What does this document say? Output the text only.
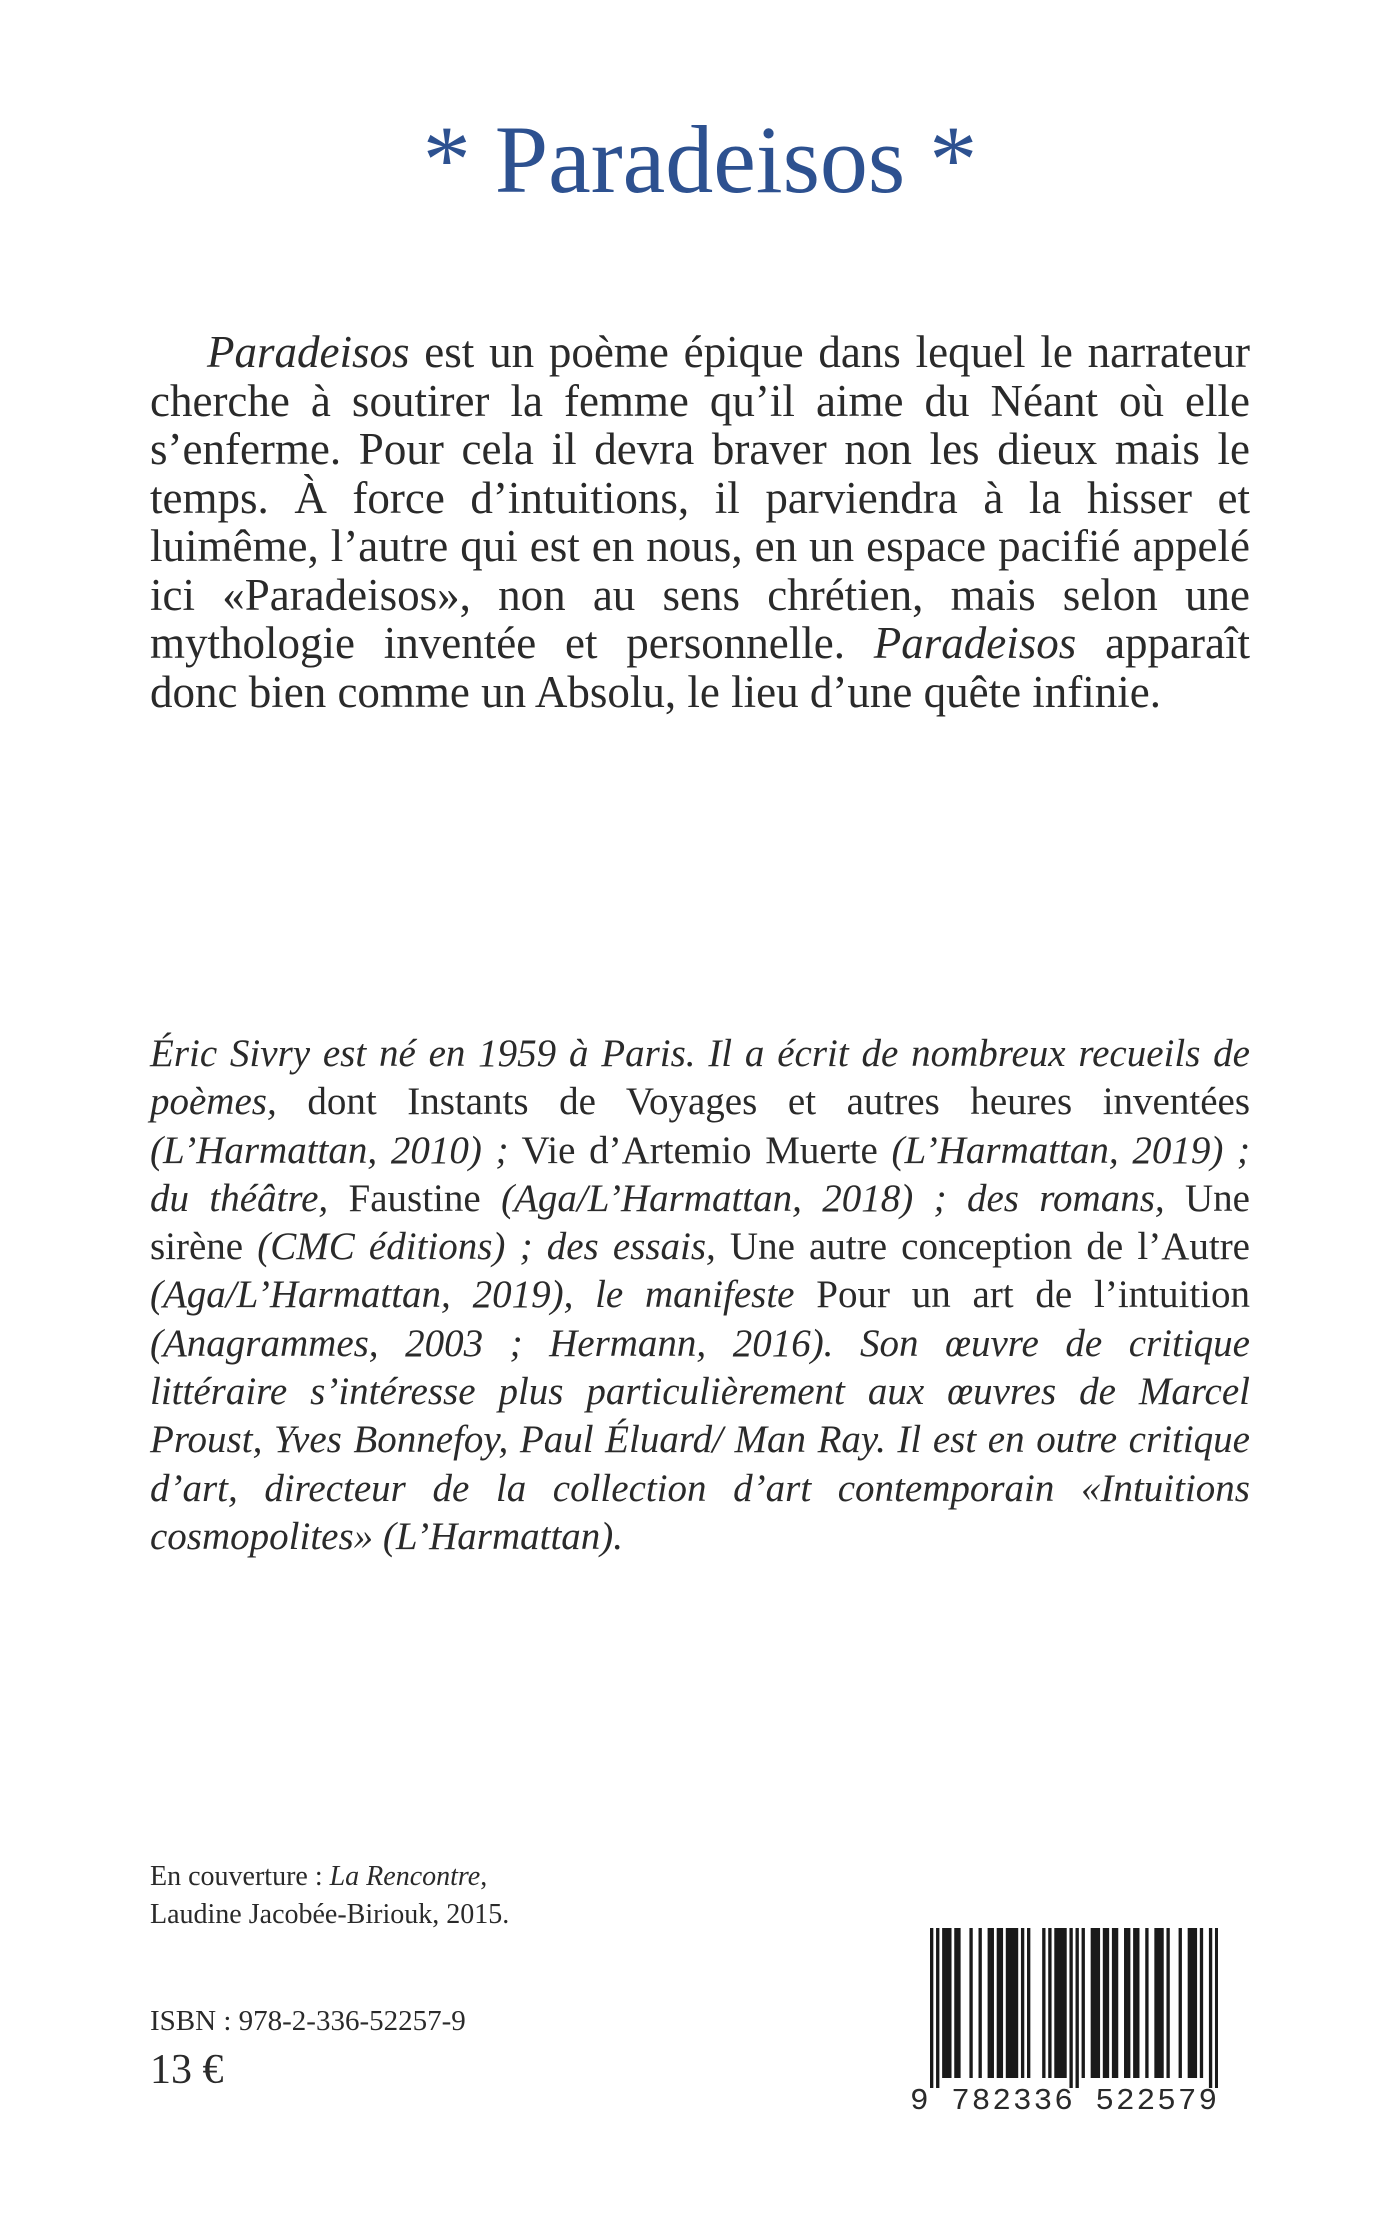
* Paradeisos *

Paradeisos est un poème épique dans lequel le narrateur cherche à soutirer la femme qu’il aime du Néant où elle s’enferme. Pour cela il devra braver non les dieux mais le temps. À force d’intuitions, il parviendra à la hisser et luimême, l’autre qui est en nous, en un espace pacifié appelé ici «Paradeisos», non au sens chrétien, mais selon une mythologie inventée et personnelle. Paradeisos apparaît donc bien comme un Absolu, le lieu d’une quête infinie.

Éric Sivry est né en 1959 à Paris. Il a écrit de nombreux recueils de poèmes, dont Instants de Voyages et autres heures inventées (L’Harmattan, 2010) ; Vie d’Artemio Muerte (L’Harmattan, 2019) ; du théâtre, Faustine (Aga/L’Harmattan, 2018) ; des romans, Une sirène (CMC éditions) ; des essais, Une autre conception de l’Autre (Aga/L’Harmattan, 2019), le manifeste Pour un art de l’intuition (Anagrammes, 2003 ; Hermann, 2016). Son œuvre de critique littéraire s’intéresse plus particulièrement aux œuvres de Marcel Proust, Yves Bonnefoy, Paul Éluard/ Man Ray. Il est en outre critique d’art, directeur de la collection d’art contemporain «Intuitions cosmopolites» (L’Harmattan).

En couverture : La Rencontre,
Laudine Jacobée-Biriouk, 2015.

ISBN : 978-2-336-52257-9

13 €

9 782336 522579
